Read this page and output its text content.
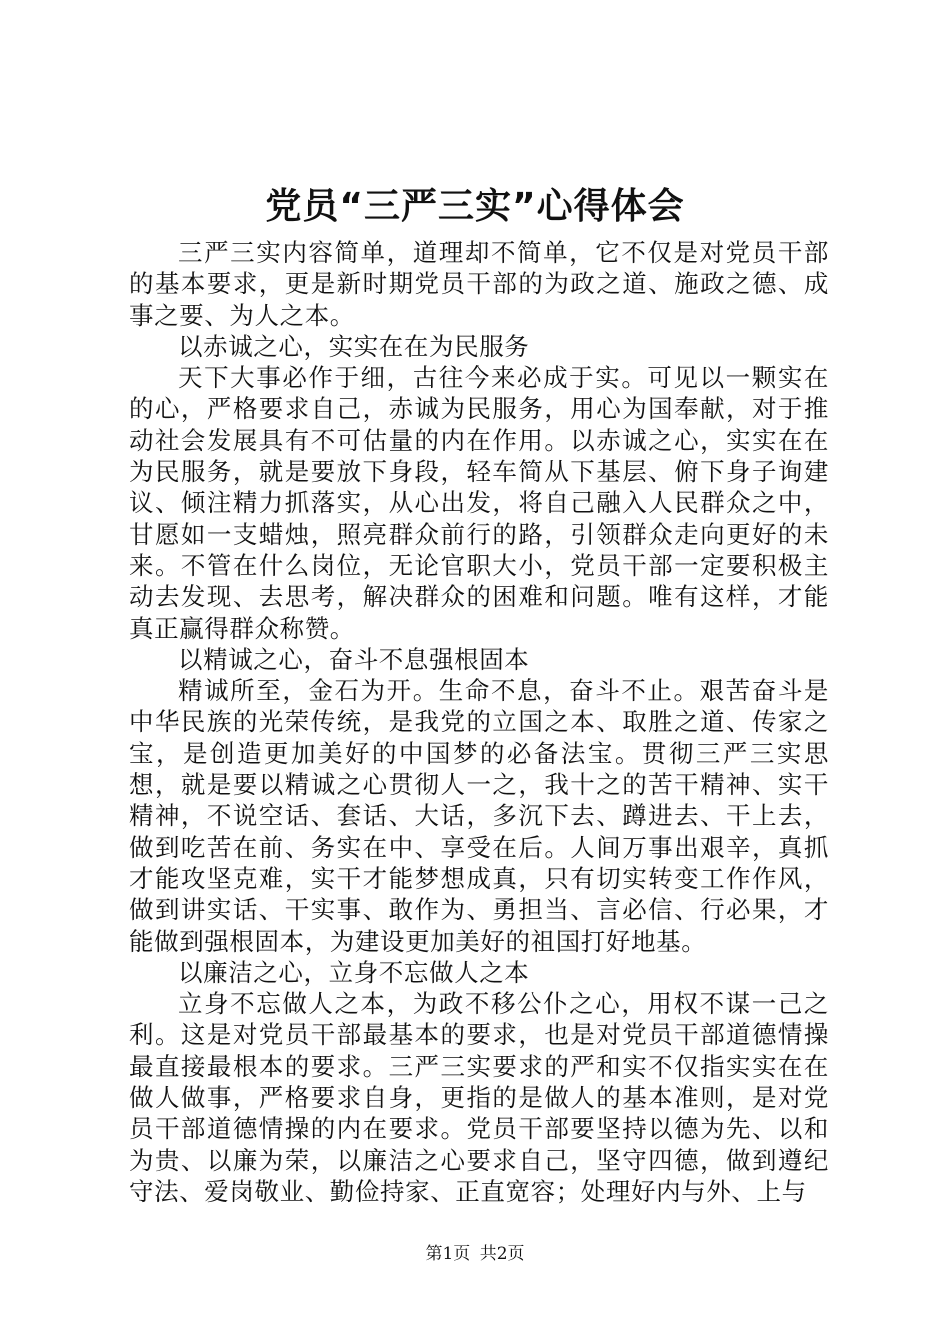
党员“三严三实”心得体会

三严三实内容简单，道理却不简单，它不仅是对党员干部的基本要求，更是新时期党员干部的为政之道、施政之德、成事之要、为人之本。

以赤诚之心，实实在在为民服务

天下大事必作于细，古往今来必成于实。可见以一颗实在的心，严格要求自己，赤诚为民服务，用心为国奉献，对于推动社会发展具有不可估量的内在作用。以赤诚之心，实实在在为民服务，就是要放下身段，轻车简从下基层、俯下身子询建议、倾注精力抓落实，从心出发，将自己融入人民群众之中，甘愿如一支蜡烛，照亮群众前行的路，引领群众走向更好的未来。不管在什么岗位，无论官职大小，党员干部一定要积极主动去发现、去思考，解决群众的困难和问题。唯有这样，才能真正赢得群众称赞。

以精诚之心，奋斗不息强根固本

精诚所至，金石为开。生命不息，奋斗不止。艰苦奋斗是中华民族的光荣传统，是我党的立国之本、取胜之道、传家之宝，是创造更加美好的中国梦的必备法宝。贯彻三严三实思想，就是要以精诚之心贯彻人一之，我十之的苦干精神、实干精神，不说空话、套话、大话，多沉下去、蹲进去、干上去，做到吃苦在前、务实在中、享受在后。人间万事出艰辛，真抓才能攻坚克难，实干才能梦想成真，只有切实转变工作作风，做到讲实话、干实事、敢作为、勇担当、言必信、行必果，才能做到强根固本，为建设更加美好的祖国打好地基。

以廉洁之心，立身不忘做人之本

立身不忘做人之本，为政不移公仆之心，用权不谋一己之利。这是对党员干部最基本的要求，也是对党员干部道德情操最直接最根本的要求。三严三实要求的严和实不仅指实实在在做人做事，严格要求自身，更指的是做人的基本准则，是对党员干部道德情操的内在要求。党员干部要坚持以德为先、以和为贵、以廉为荣，以廉洁之心要求自己，坚守四德，做到遵纪守法、爱岗敬业、勤俭持家、正直宽容；处理好内与外、上与

第1页 共2页
